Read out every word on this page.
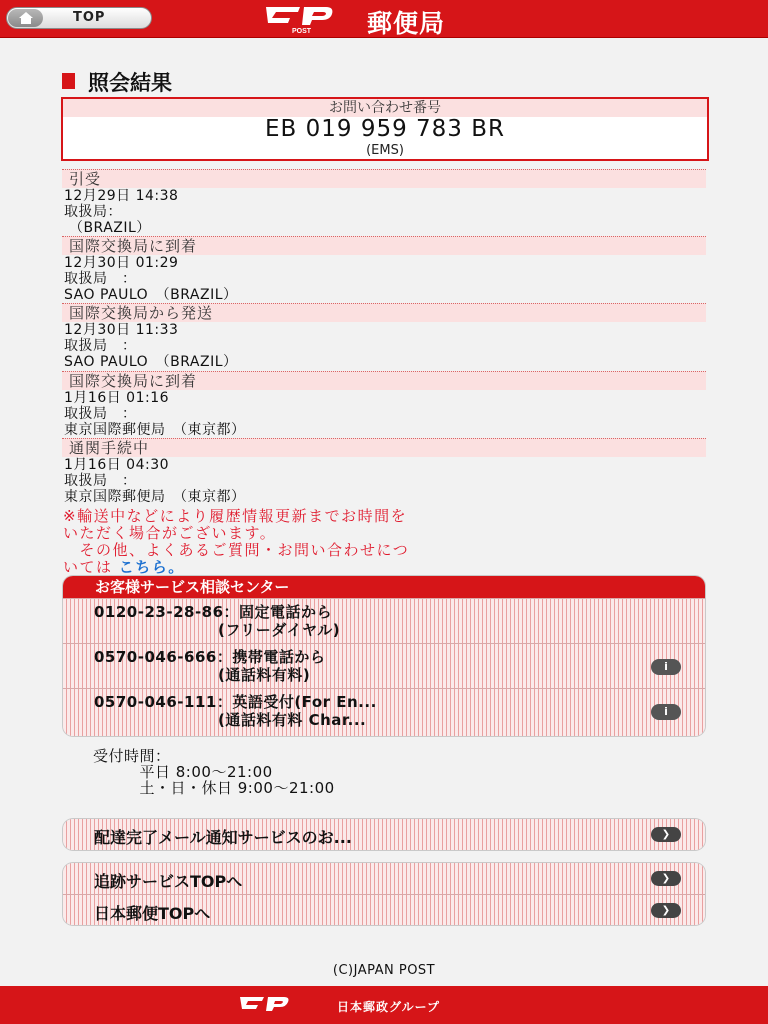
TOP
POST 郵便局
照会結果
お問い合わせ番号
EB 019 959 783 BR
(EMS)
引受
12月29日 14:38
取扱局：
（BRAZIL）
国際交換局に到着
12月30日 01:29
取扱局　：
SAO PAULO　（BRAZIL）
国際交換局から発送
12月30日 11:33
取扱局　：
SAO PAULO　（BRAZIL）
国際交換局に到着
1月16日 01:16
取扱局　：
東京国際郵便局　（東京都）
通関手続中
1月16日 04:30
取扱局　：
東京国際郵便局　（東京都）
※輸送中などにより履歴情報更新までお時間を
いただく場合がございます。
　その他、よくあるご質問・お問い合わせにつ
いては こちら。
お客様サービス相談センター
0120-23-28-86：固定電話から
　　　　　　　　(フリーダイヤル)
0570-046-666：携帯電話から
　　　　　　　　(通話料有料)	i
0570-046-111：英語受付(For En...
　　　　　　　　(通話料有料 Char...	i
受付時間：
　　　平日 8:00～21:00
　　　土・日・休日 9:00～21:00
配達完了メール通知サービスのお...	❯
追跡サービスTOPへ	❯
日本郵便TOPへ	❯
(C)JAPAN POST
日本郵政グループ
